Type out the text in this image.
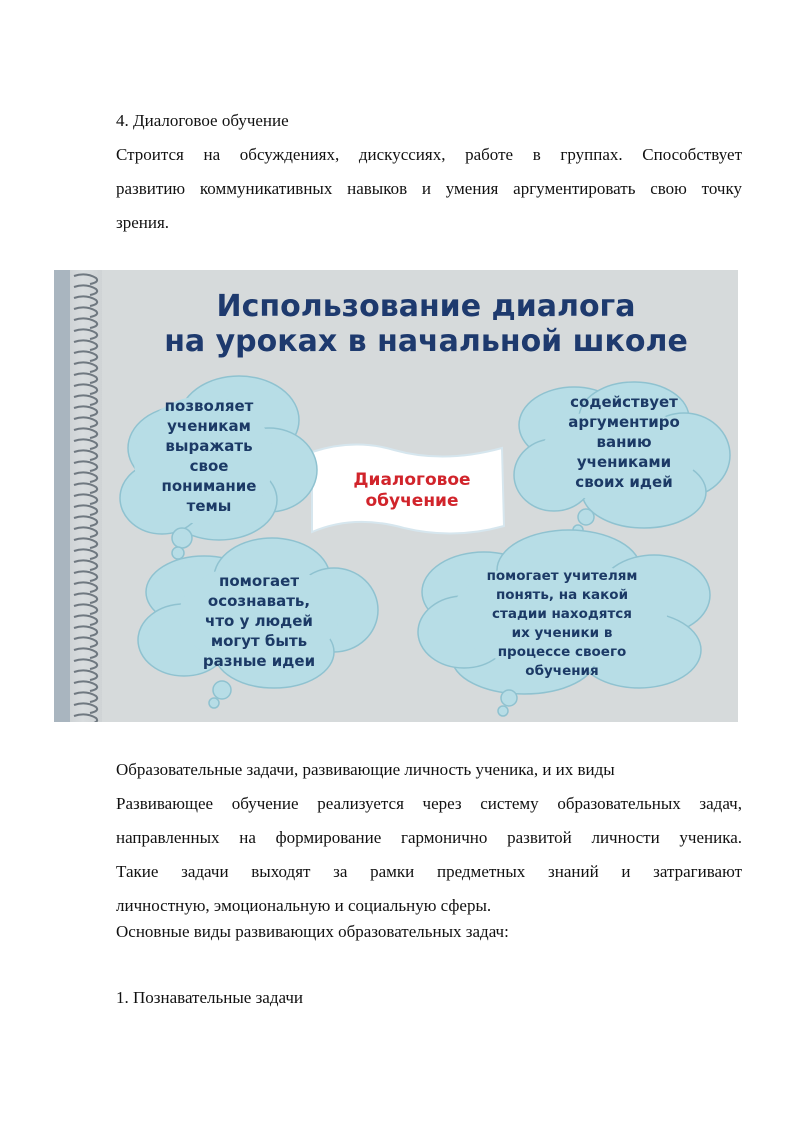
4. Диалоговое обучение

Строится на обсуждениях, дискуссиях, работе в группах. Способствует
развитию коммуникативных навыков и умения аргументировать свою точку
зрения.

Использование диалога

на уроках в начальной школе

Диалоговое
обучение
позволяет
ученикам
выражать
свое
понимание
темы
содействует
аргументиро
ванию
учениками
своих идей
помогает
осознавать,
что у людей
могут быть
разные идеи
помогает учителям
понять, на какой
стадии находятся
их ученики в
процессе своего
обучения

Образовательные задачи, развивающие личность ученика, и их виды

Развивающее обучение реализуется через систему образовательных задач,
направленных на формирование гармонично развитой личности ученика.
Такие задачи выходят за рамки предметных знаний и затрагивают
личностную, эмоциональную и социальную сферы.

Основные виды развивающих образовательных задач:

1. Познавательные задачи
